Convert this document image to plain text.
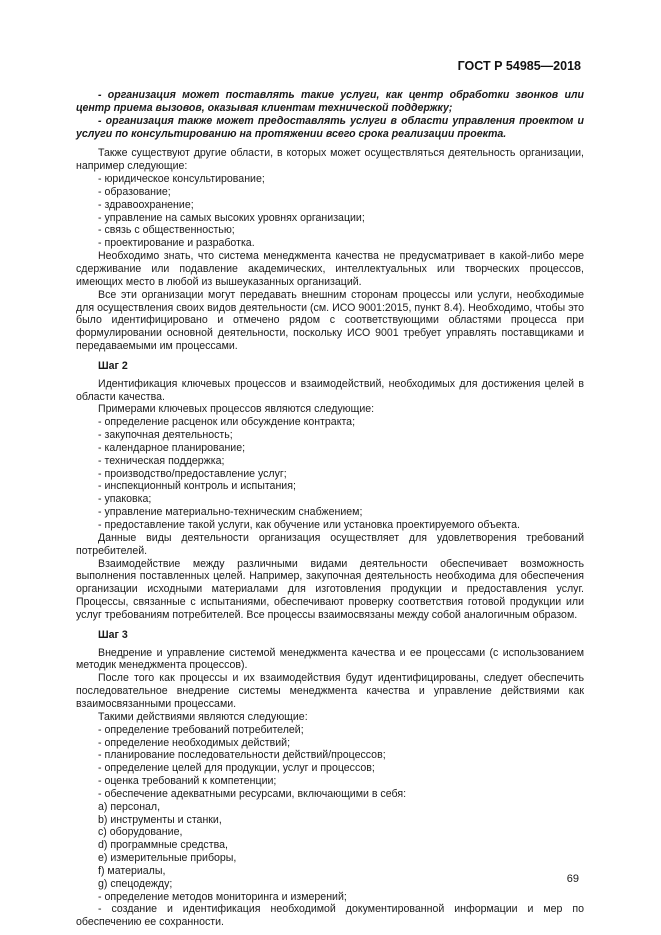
ГОСТ Р 54985—2018

- организация может поставлять такие услуги, как центр обработки звонков или центр приема вызовов, оказывая клиентам технической поддержку;

- организация также может предоставлять услуги в области управления проектом и услуги по консультированию на протяжении всего срока реализации проекта.

Также существуют другие области, в которых может осуществляться деятельность организации, например следующие:

- юридическое консультирование;

- образование;

- здравоохранение;

- управление на самых высоких уровнях организации;

- связь с общественностью;

- проектирование и разработка.

Необходимо знать, что система менеджмента качества не предусматривает в какой-либо мере сдерживание или подавление академических, интеллектуальных или творческих процессов, имеющих место в любой из вышеуказанных организаций.

Все эти организации могут передавать внешним сторонам процессы или услуги, необходимые для осуществления своих видов деятельности (см. ИСО 9001:2015, пункт 8.4). Необходимо, чтобы это было идентифицировано и отмечено рядом с соответствующими областями процесса при формулировании основной деятельности, поскольку ИСО 9001 требует управлять поставщиками и передаваемыми им процессами.

Шаг 2

Идентификация ключевых процессов и взаимодействий, необходимых для достижения целей в области качества.

Примерами ключевых процессов являются следующие:

- определение расценок или обсуждение контракта;

- закупочная деятельность;

- календарное планирование;

- техническая поддержка;

- производство/предоставление услуг;

- инспекционный контроль и испытания;

- упаковка;

- управление материально-техническим снабжением;

- предоставление такой услуги, как обучение или установка проектируемого объекта.

Данные виды деятельности организация осуществляет для удовлетворения требований потребителей.

Взаимодействие между различными видами деятельности обеспечивает возможность выполнения поставленных целей. Например, закупочная деятельность необходима для обеспечения организации исходными материалами для изготовления продукции и предоставления услуг. Процессы, связанные с испытаниями, обеспечивают проверку соответствия готовой продукции или услуг требованиям потребителей. Все процессы взаимосвязаны между собой аналогичным образом.

Шаг 3

Внедрение и управление системой менеджмента качества и ее процессами (с использованием методик менеджмента процессов).

После того как процессы и их взаимодействия будут идентифицированы, следует обеспечить последовательное внедрение системы менеджмента качества и управление действиями как взаимосвязанными процессами.

Такими действиями являются следующие:

- определение требований потребителей;

- определение необходимых действий;

- планирование последовательности действий/процессов;

- определение целей для продукции, услуг и процессов;

- оценка требований к компетенции;

- обеспечение адекватными ресурсами, включающими в себя:

a) персонал,

b) инструменты и станки,

c) оборудование,

d) программные средства,

e) измерительные приборы,

f) материалы,

g) спецодежду;

- определение методов мониторинга и измерений;

- создание и идентификация необходимой документированной информации и мер по обеспечению ее сохранности.

69
